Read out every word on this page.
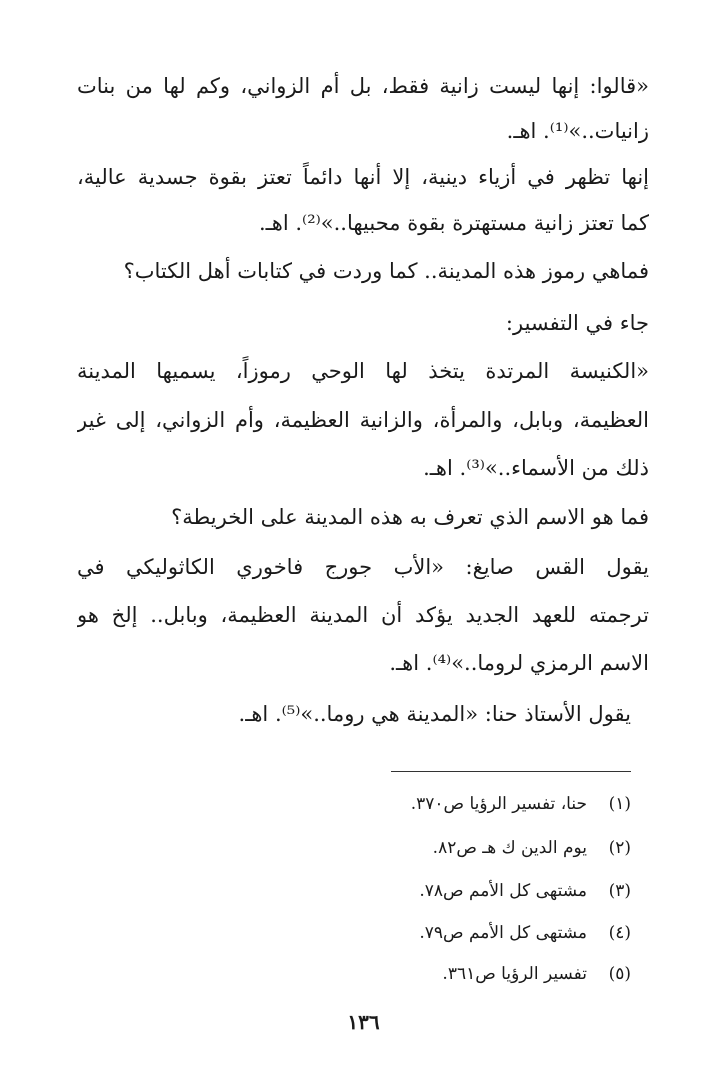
«قالوا: إنها ليست زانية فقط، بل أم الزواني، وكم لها من بنات
زانيات..»⁽¹⁾. اهـ.
إنها تظهر في أزياء دينية، إلا أنها دائماً تعتز بقوة جسدية عالية،
كما تعتز زانية مستهترة بقوة محبيها..»⁽²⁾. اهـ.
فماهي رموز هذه المدينة.. كما وردت في كتابات أهل الكتاب؟
جاء في التفسير:
«الكنيسة المرتدة يتخذ لها الوحي رموزاً، يسميها المدينة
العظيمة، وبابل، والمرأة، والزانية العظيمة، وأم الزواني، إلى غير
ذلك من الأسماء..»⁽³⁾. اهـ.
فما هو الاسم الذي تعرف به هذه المدينة على الخريطة؟
يقول القس صايغ: «الأب جورج فاخوري الكاثوليكي في
ترجمته للعهد الجديد يؤكد أن المدينة العظيمة، وبابل.. إلخ هو
الاسم الرمزي لروما..»⁽⁴⁾. اهـ.
يقول الأستاذ حنا: «المدينة هي روما..»⁽⁵⁾. اهـ.
(١)حنا، تفسير الرؤيا ص٣٧٠.
(٢)يوم الدين ك هـ ص٨٢.
(٣)مشتهى كل الأمم ص٧٨.
(٤)مشتهى كل الأمم ص٧٩.
(٥)تفسير الرؤيا ص٣٦١.
١٣٦
